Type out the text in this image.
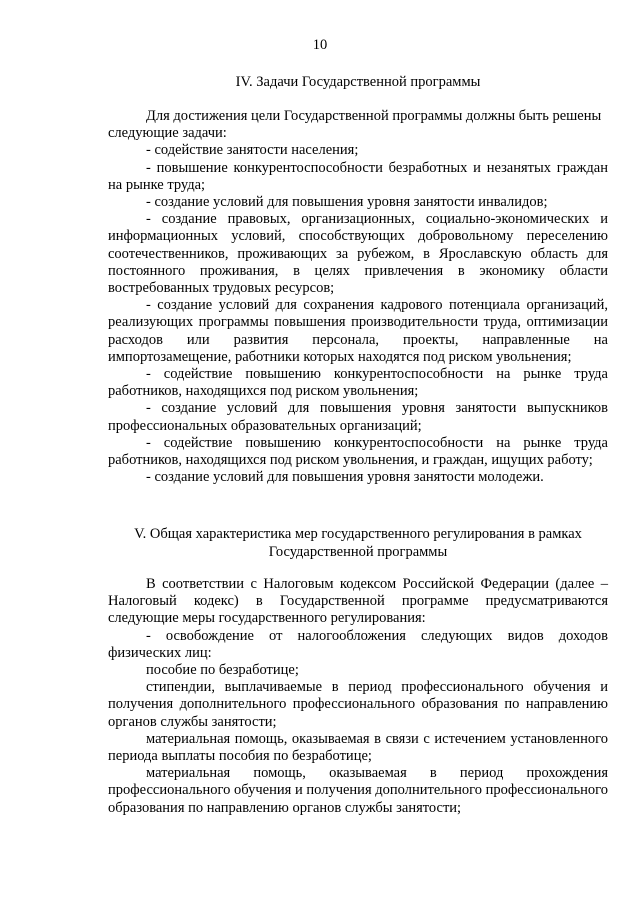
10
IV. Задачи Государственной программы

Для достижения цели Государственной программы должны быть решены следующие задачи:

- содействие занятости населения;

- повышение конкурентоспособности безработных и незанятых граждан на рынке труда;

- создание условий для повышения уровня занятости инвалидов;

- создание правовых, организационных, социально-экономических и информационных условий, способствующих добровольному переселению соотечественников, проживающих за рубежом, в Ярославскую область для постоянного проживания, в целях привлечения в экономику области востребованных трудовых ресурсов;

- создание условий для сохранения кадрового потенциала организаций, реализующих программы повышения производительности труда, оптимизации расходов или развития персонала, проекты, направленные на импортозамещение, работники которых находятся под риском увольнения;

- содействие повышению конкурентоспособности на рынке труда работников, находящихся под риском увольнения;

- создание условий для повышения уровня занятости выпускников профессиональных образовательных организаций;

- содействие повышению конкурентоспособности на рынке труда работников, находящихся под риском увольнения, и граждан, ищущих работу;

- создание условий для повышения уровня занятости молодежи.

V. Общая характеристика мер государственного регулирования в рамках Государственной программы

В соответствии с Налоговым кодексом Российской Федерации (далее – Налоговый кодекс) в Государственной программе предусматриваются следующие меры государственного регулирования:

- освобождение от налогообложения следующих видов доходов физических лиц:

пособие по безработице;

стипендии, выплачиваемые в период профессионального обучения и получения дополнительного профессионального образования по направлению органов службы занятости;

материальная помощь, оказываемая в связи с истечением установленного периода выплаты пособия по безработице;

материальная помощь, оказываемая в период прохождения профессионального обучения и получения дополнительного профессионального образования по направлению органов службы занятости;
